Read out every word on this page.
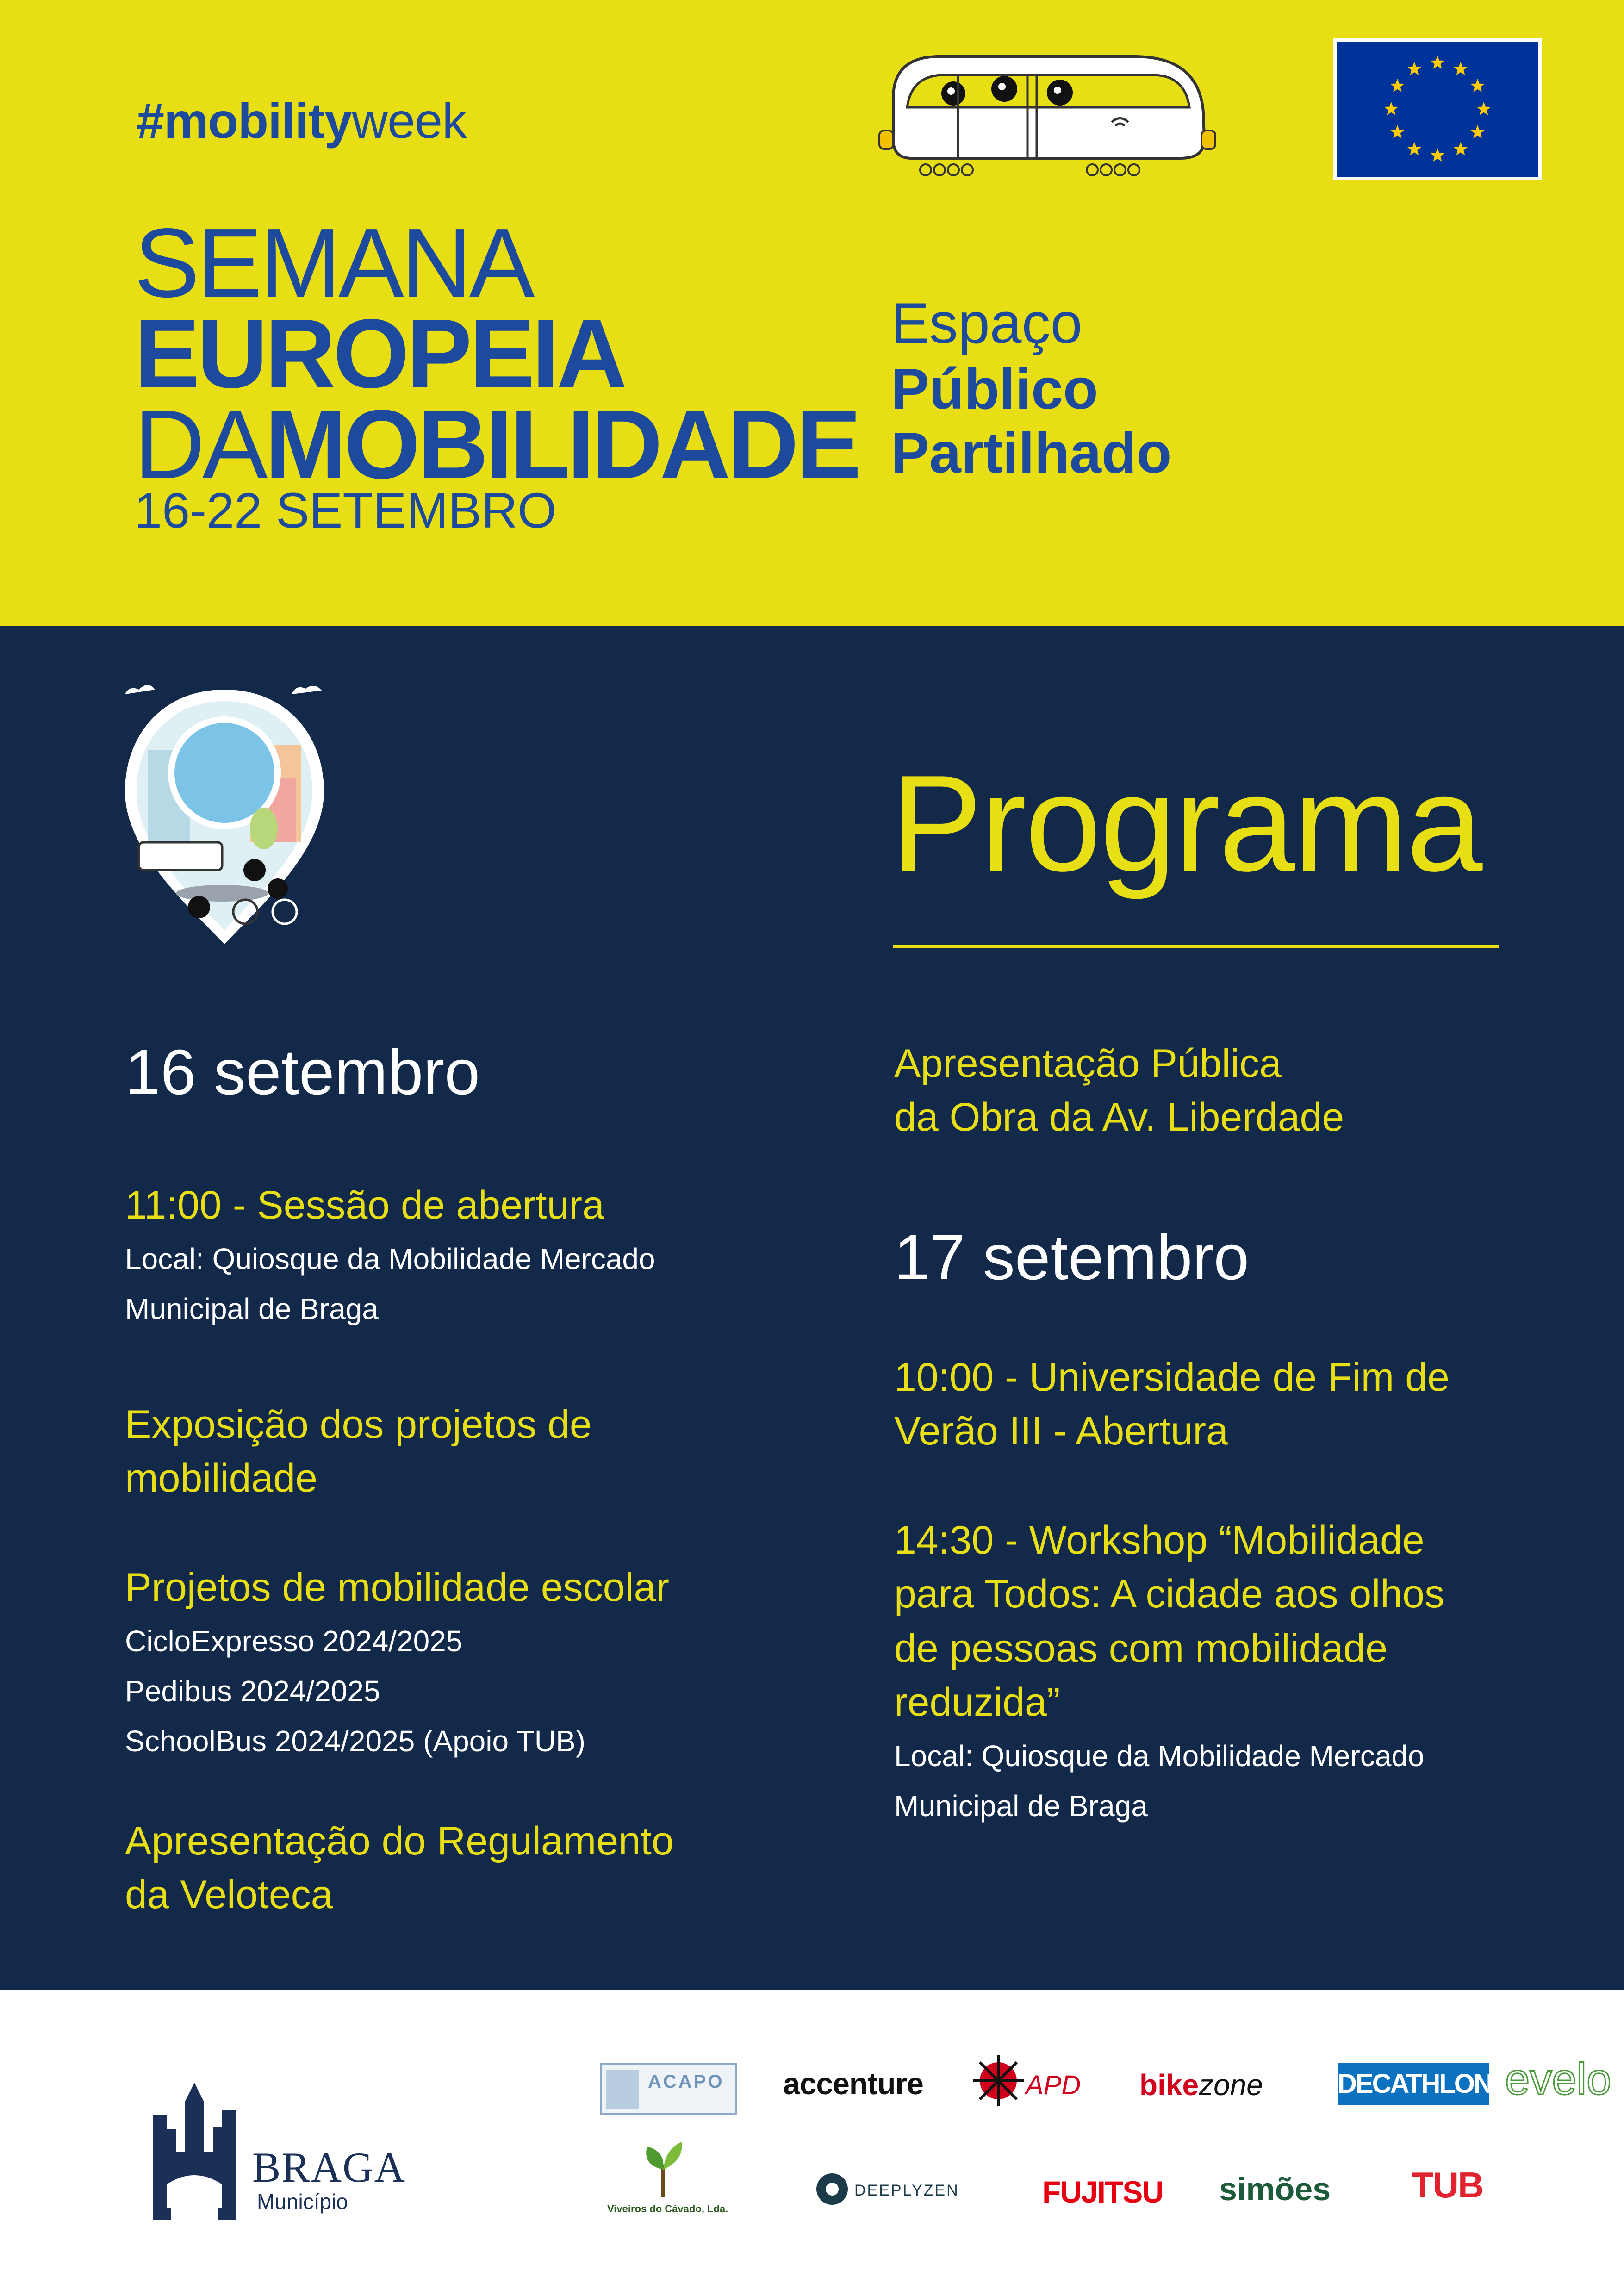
#mobilityweek
SEMANA
EUROPEIA
DAMOBILIDADE
16-22 SETEMBRO
Espaço
Público
Partilhado
Programa
16 setembro
11:00 - Sessão de abertura
Local: Quiosque da Mobilidade Mercado
Municipal de Braga
Exposição dos projetos de
mobilidade
Projetos de mobilidade escolar
CicloExpresso 2024/2025
Pedibus 2024/2025
SchoolBus 2024/2025 (Apoio TUB)
Apresentação do Regulamento
da Veloteca
Apresentação Pública
da Obra da Av. Liberdade
17 setembro
10:00 - Universidade de Fim de
Verão III - Abertura
14:30 - Workshop “Mobilidade
para Todos: A cidade aos olhos
de pessoas com mobilidade
reduzida”
Local: Quiosque da Mobilidade Mercado
Municipal de Braga
BRAGA
Município
ACAPO accenture	APD bikezone	DECATHLON evelo
Viveiros do Cávado, Lda.
DEEPLYZEN	FUJITSU simões TUB
